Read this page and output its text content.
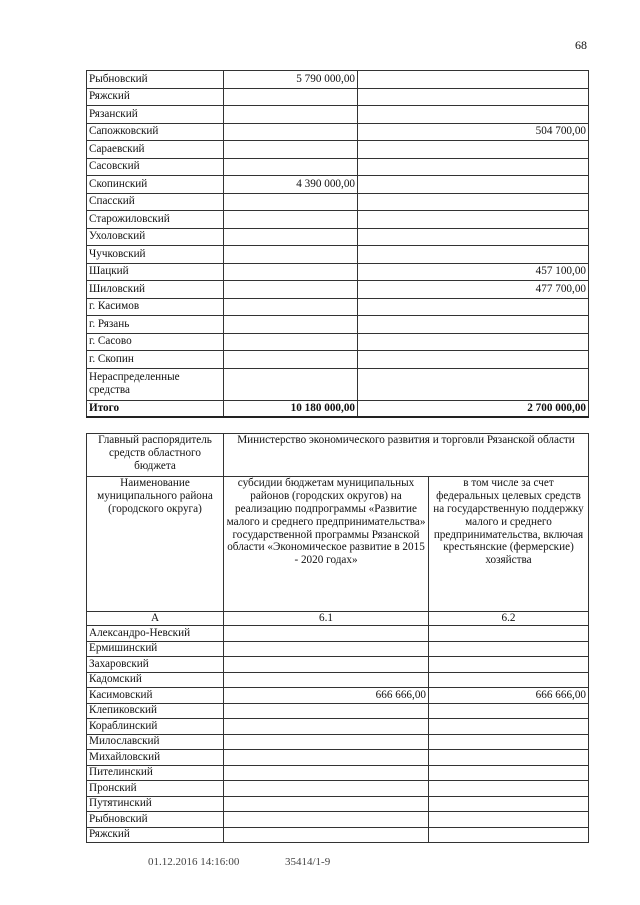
68
Рыбновский	5 790 000,00	
Ряжский		
Рязанский		
Сапожковский		504 700,00
Сараевский		
Сасовский		
Скопинский	4 390 000,00	
Спасский		
Старожиловский		
Ухоловский		
Чучковский		
Шацкий		457 100,00
Шиловский		477 700,00
г. Касимов		
г. Рязань		
г. Сасово		
г. Скопин		
Нераспределенные средства		
Итого	10 180 000,00	2 700 000,00
Главный распорядитель средств областного бюджета	Министерство экономического развития и торговли Рязанской области	
Наименование муниципального района (городского округа)	субсидии бюджетам муниципальных районов (городских округов) на реализацию подпрограммы «Развитие малого и среднего предпринимательства» государственной программы Рязанской области «Экономическое развитие в 2015 - 2020 годах»	в том числе за счет федеральных целевых средств на государственную поддержку малого и среднего предпринимательства, включая крестьянские (фермерские) хозяйства
А	6.1	6.2
Александро-Невский		
Ермишинский		
Захаровский		
Кадомский		
Касимовский	666 666,00	666 666,00
Клепиковский		
Кораблинский		
Милославский		
Михайловский		
Пителинский		
Пронский		
Путятинский		
Рыбновский		
Ряжский		
01.12.2016 14:16:00	35414/1-9
